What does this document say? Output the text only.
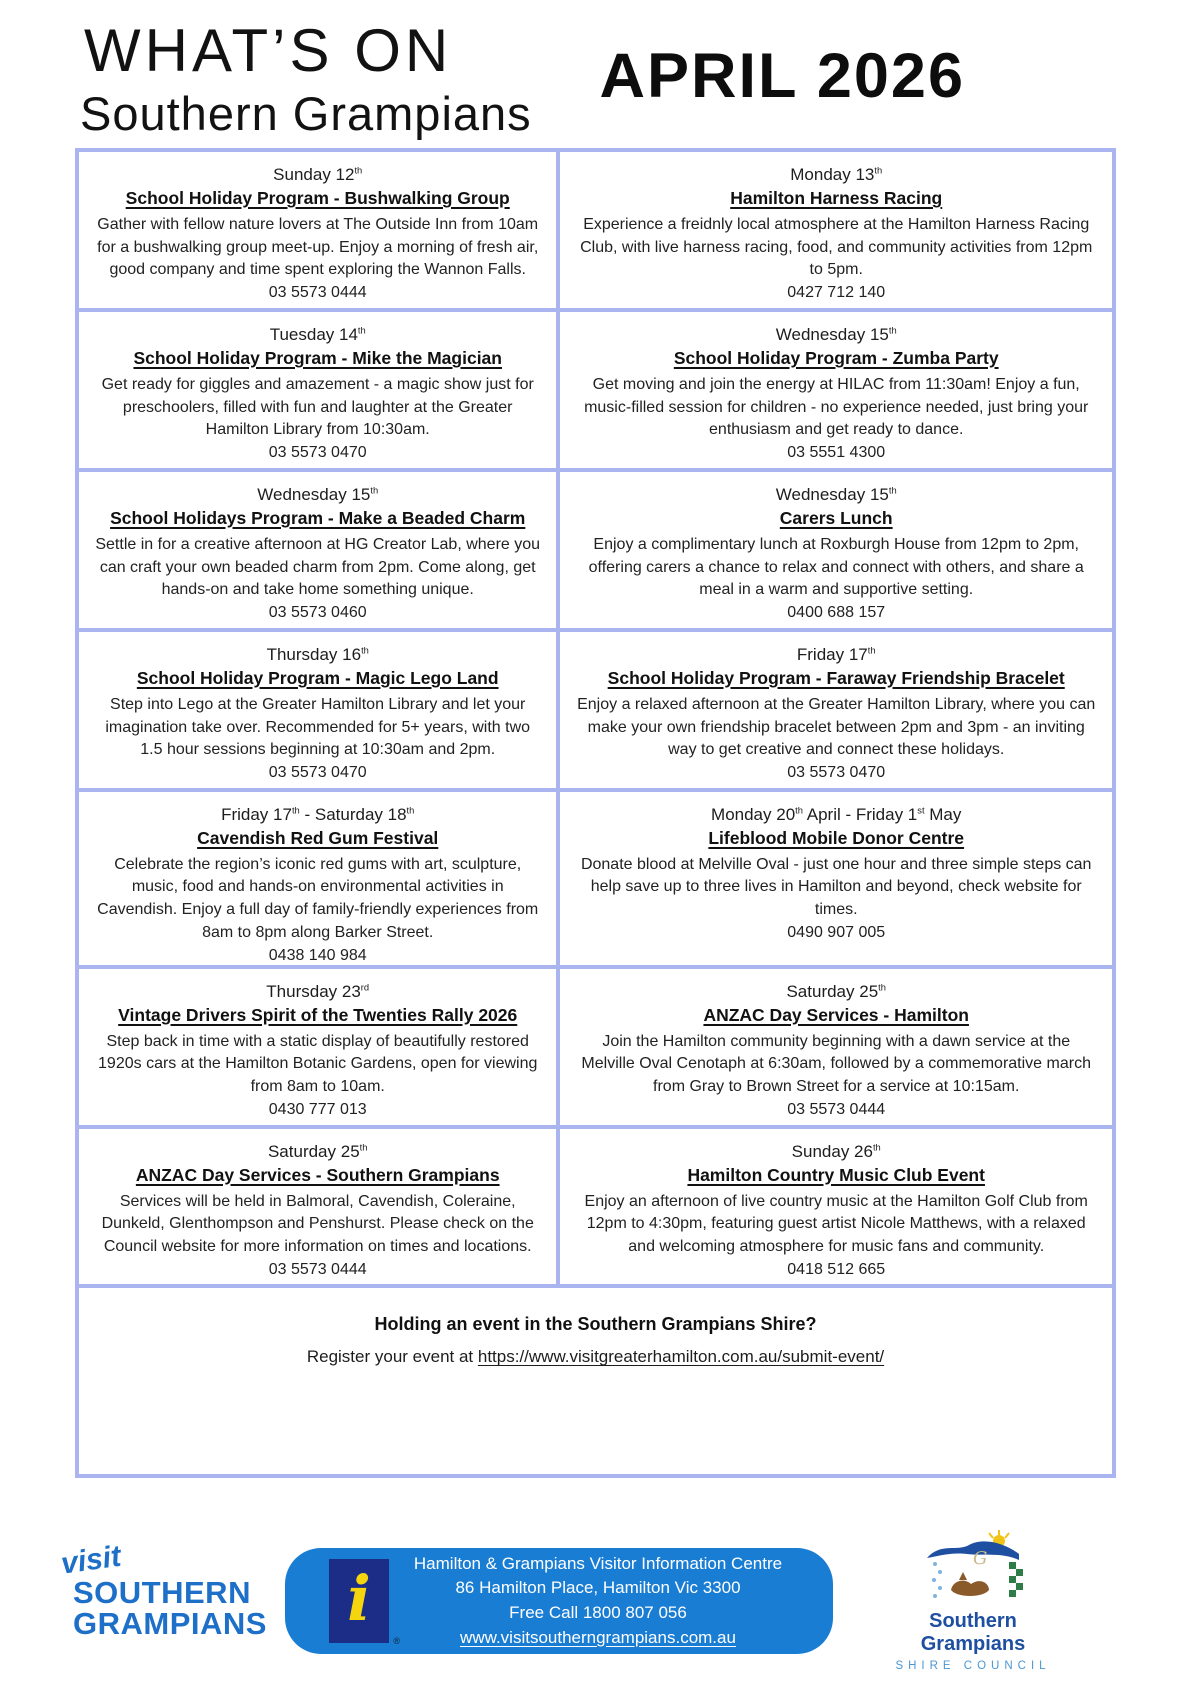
WHAT’S ON
Southern Grampians
APRIL 2026
Sunday 12th
School Holiday Program - Bushwalking Group
Gather with fellow nature lovers at The Outside Inn from 10am for a bushwalking group meet-up. Enjoy a morning of fresh air, good company and time spent exploring the Wannon Falls.
03 5573 0444
Monday 13th
Hamilton Harness Racing
Experience a freidnly local atmosphere at the Hamilton Harness Racing Club, with live harness racing, food, and community activities from 12pm to 5pm.
0427 712 140
Tuesday 14th
School Holiday Program - Mike the Magician
Get ready for giggles and amazement - a magic show just for preschoolers, filled with fun and laughter at the Greater Hamilton Library from 10:30am.
03 5573 0470
Wednesday 15th
School Holiday Program - Zumba Party
Get moving and join the energy at HILAC from 11:30am! Enjoy a fun, music-filled session for children - no experience needed, just bring your enthusiasm and get ready to dance.
03 5551 4300
Wednesday 15th
School Holidays Program - Make a Beaded Charm
Settle in for a creative afternoon at HG Creator Lab, where you can craft your own beaded charm from 2pm. Come along, get hands-on and take home something unique.
03 5573 0460
Wednesday 15th
Carers Lunch
Enjoy a complimentary lunch at Roxburgh House from 12pm to 2pm, offering carers a chance to relax and connect with others, and share a meal in a warm and supportive setting.
0400 688 157
Thursday 16th
School Holiday Program - Magic Lego Land
Step into Lego at the Greater Hamilton Library and let your imagination take over. Recommended for 5+ years, with two 1.5 hour sessions beginning at 10:30am and 2pm.
03 5573 0470
Friday 17th
School Holiday Program - Faraway Friendship Bracelet
Enjoy a relaxed afternoon at the Greater Hamilton Library, where you can make your own friendship bracelet between 2pm and 3pm - an inviting way to get creative and connect these holidays.
03 5573 0470
Friday 17th - Saturday 18th
Cavendish Red Gum Festival
Celebrate the region’s iconic red gums with art, sculpture, music, food and hands-on environmental activities in Cavendish. Enjoy a full day of family-friendly experiences from 8am to 8pm along Barker Street.
0438 140 984
Monday 20th April - Friday 1st May
Lifeblood Mobile Donor Centre
Donate blood at Melville Oval - just one hour and three simple steps can help save up to three lives in Hamilton and beyond, check website for times.
0490 907 005
Thursday 23rd
Vintage Drivers Spirit of the Twenties Rally 2026
Step back in time with a static display of beautifully restored 1920s cars at the Hamilton Botanic Gardens, open for viewing from 8am to 10am.
0430 777 013
Saturday 25th
ANZAC Day Services - Hamilton
Join the Hamilton community beginning with a dawn service at the Melville Oval Cenotaph at 6:30am, followed by a commemorative march from Gray to Brown Street for a service at 10:15am.
03 5573 0444
Saturday 25th
ANZAC Day Services - Southern Grampians
Services will be held in Balmoral, Cavendish, Coleraine, Dunkeld, Glenthompson and Penshurst. Please check on the Council website for more information on times and locations.
03 5573 0444
Sunday 26th
Hamilton Country Music Club Event
Enjoy an afternoon of live country music at the Hamilton Golf Club from 12pm to 4:30pm, featuring guest artist Nicole Matthews, with a relaxed and welcoming atmosphere for music fans and community.
0418 512 665
Holding an event in the Southern Grampians Shire?
Register your event at https://www.visitgreaterhamilton.com.au/submit-event/
visit
SOUTHERN
GRAMPIANS i
®
Hamilton & Grampians Visitor Information Centre
86 Hamilton Place, Hamilton Vic 3300
Free Call 1800 807 056
www.visitsoutherngrampians.com.au
G
Southern Grampians
SHIRE COUNCIL
